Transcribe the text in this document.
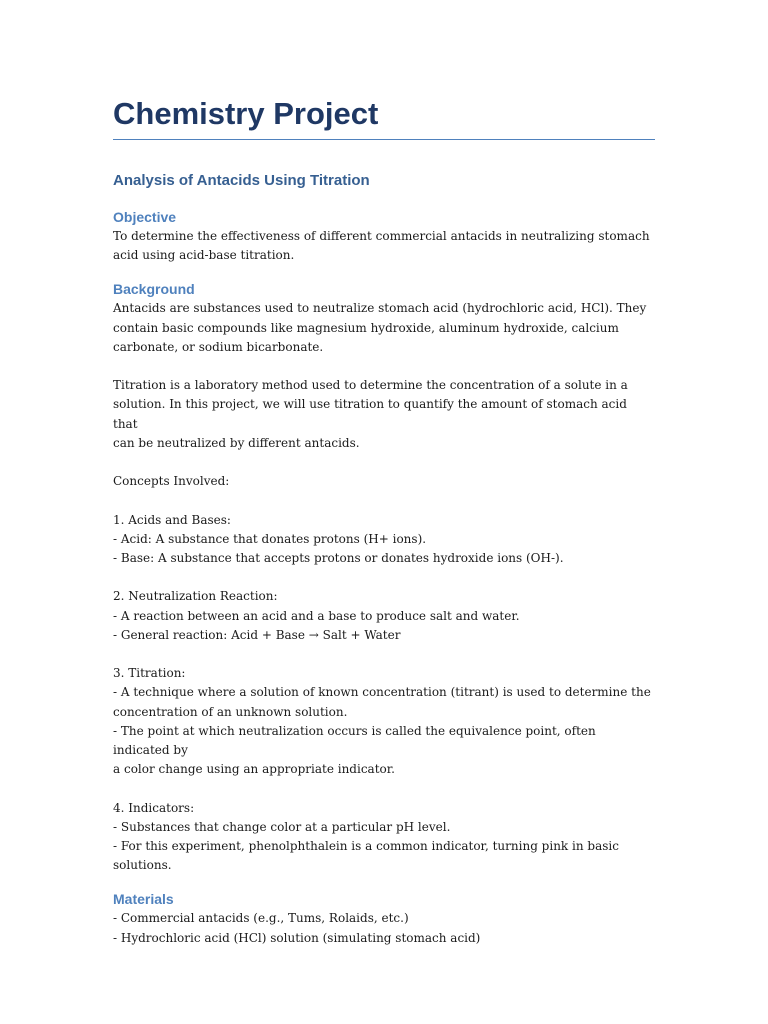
Chemistry Project
Analysis of Antacids Using Titration
Objective

To determine the effectiveness of different commercial antacids in neutralizing stomach
acid using acid-base titration.

Background

Antacids are substances used to neutralize stomach acid (hydrochloric acid, HCl). They
contain basic compounds like magnesium hydroxide, aluminum hydroxide, calcium
carbonate, or sodium bicarbonate.

Titration is a laboratory method used to determine the concentration of a solute in a
solution. In this project, we will use titration to quantify the amount of stomach acid that
can be neutralized by different antacids.

Concepts Involved:

1. Acids and Bases:
- Acid: A substance that donates protons (H+ ions).
- Base: A substance that accepts protons or donates hydroxide ions (OH-).

2. Neutralization Reaction:
- A reaction between an acid and a base to produce salt and water.
- General reaction: Acid + Base → Salt + Water

3. Titration:
- A technique where a solution of known concentration (titrant) is used to determine the
concentration of an unknown solution.
- The point at which neutralization occurs is called the equivalence point, often indicated by
a color change using an appropriate indicator.

4. Indicators:
- Substances that change color at a particular pH level.
- For this experiment, phenolphthalein is a common indicator, turning pink in basic
solutions.

Materials

- Commercial antacids (e.g., Tums, Rolaids, etc.)
- Hydrochloric acid (HCl) solution (simulating stomach acid)
